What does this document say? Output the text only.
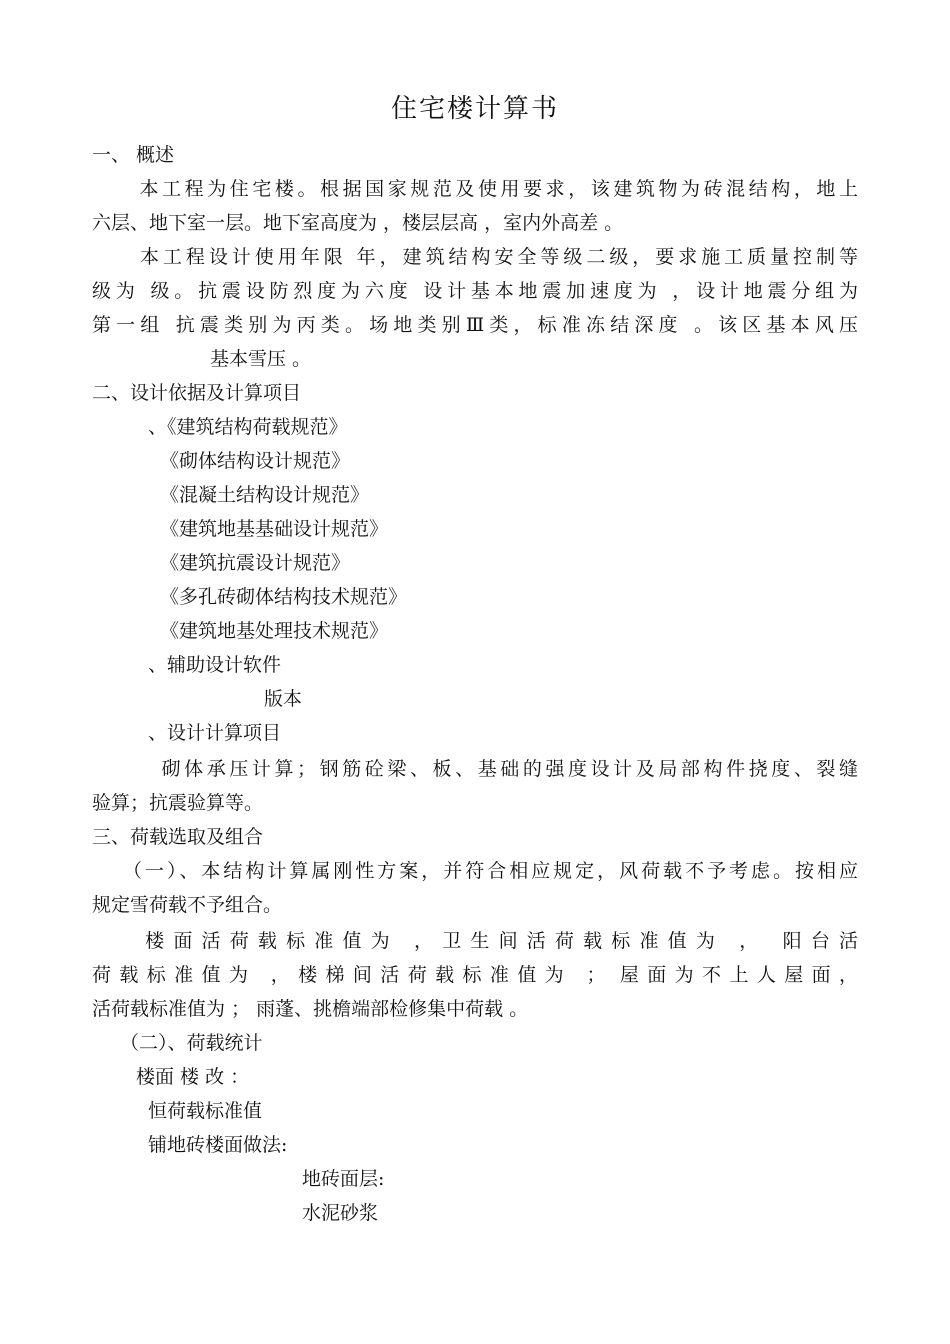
住宅楼计算书
一、 概述
本工程为住宅楼。根据国家规范及使用要求，该建筑物为砖混结构，地上
六层、地下室一层。地下室高度为 ，楼层层高 ，室内外高差 。
本工程设计使用年限 年，建筑结构安全等级二级，要求施工质量控制等
级为 级。抗震设防烈度为六度 设计基本地震加速度为 ，设计地震分组为
第一组 抗震类别为丙类。场地类别Ⅲ类，标准冻结深度 。该区基本风压
基本雪压 。
二、设计依据及计算项目
、《建筑结构荷载规范》
《砌体结构设计规范》
《混凝土结构设计规范》
《建筑地基基础设计规范》
《建筑抗震设计规范》
《多孔砖砌体结构技术规范》
《建筑地基处理技术规范》
、辅助设计软件
版本
、设计计算项目
砌体承压计算；钢筋砼梁、板、基础的强度设计及局部构件挠度、裂缝
验算；抗震验算等。
三、荷载选取及组合
（一）、本结构计算属刚性方案，并符合相应规定，风荷载不予考虑。按相应
规定雪荷载不予组合。
楼面活荷载标准值为 ，卫生间活荷载标准值为 ， 阳台活
荷载标准值为 ，楼梯间活荷载标准值为 ； 屋面为不上人屋面，
活荷载标准值为 ； 雨蓬、挑檐端部检修集中荷载 。
（二）、荷载统计
楼面 楼 改 ：
恒荷载标准值
铺地砖楼面做法:
地砖面层:
水泥砂浆
